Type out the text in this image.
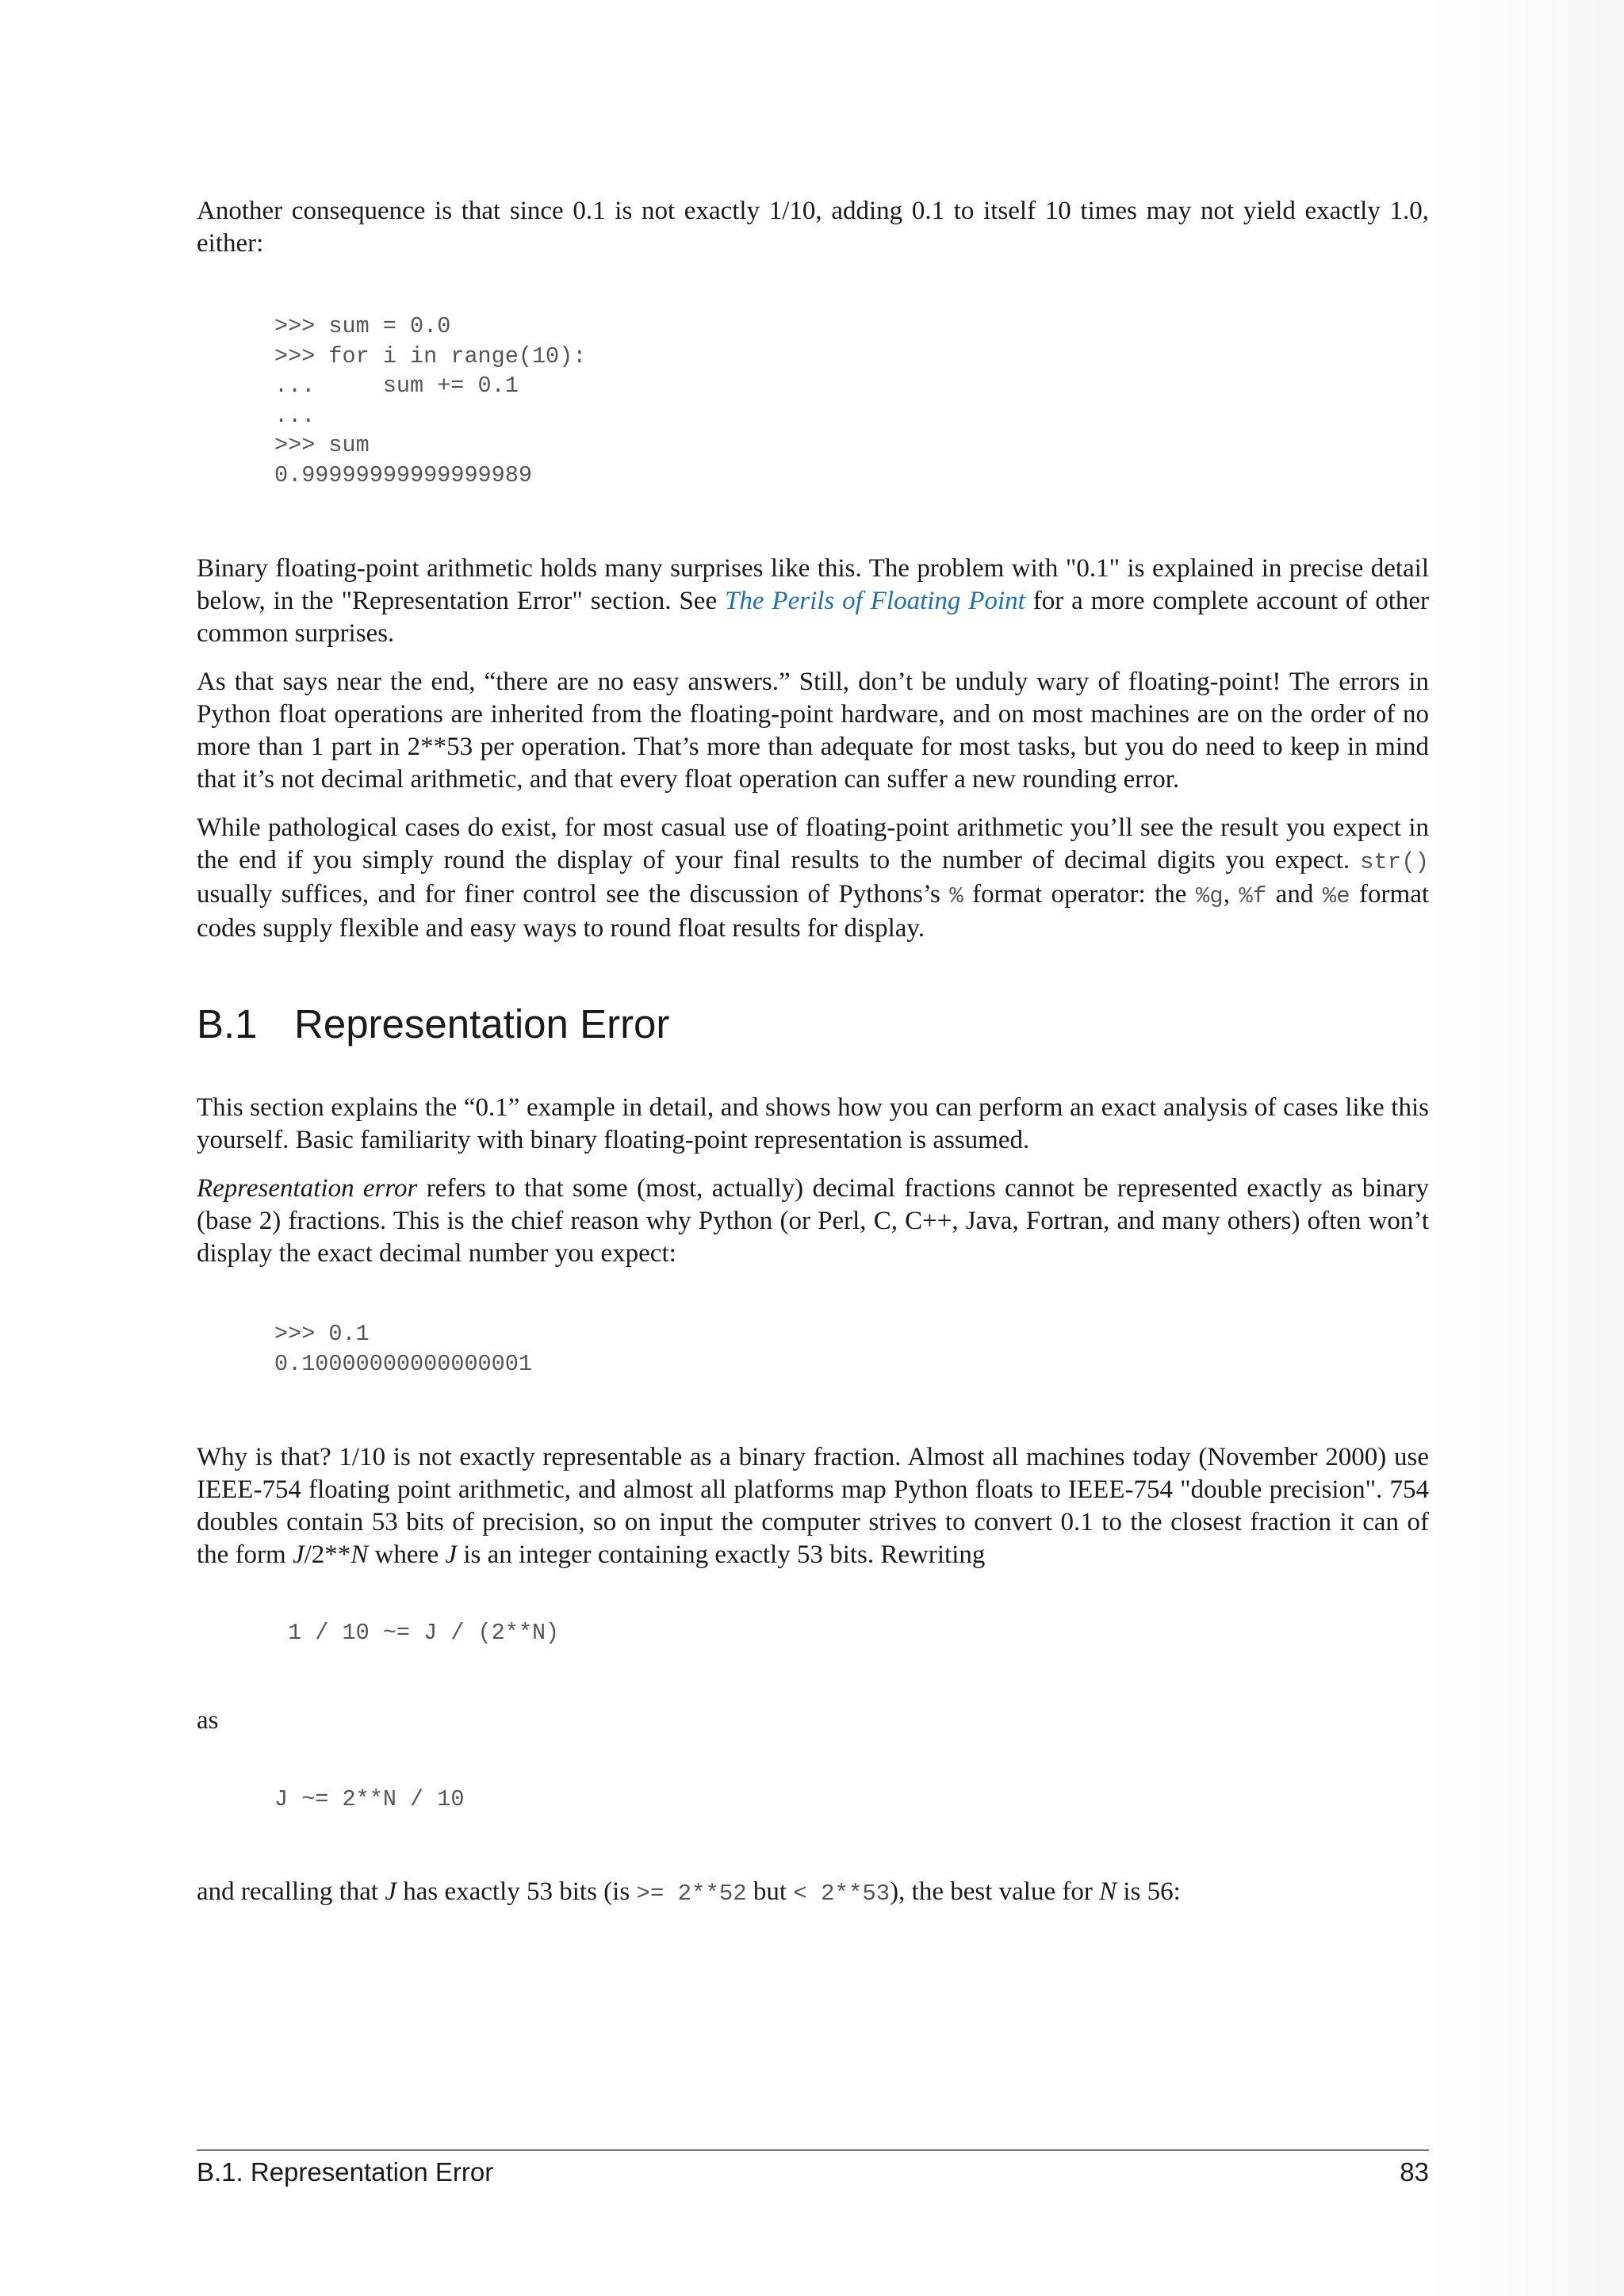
Another consequence is that since 0.1 is not exactly 1/10, adding 0.1 to itself 10 times may not yield exactly 1.0, either:

>>> sum = 0.0
>>> for i in range(10):
...     sum += 0.1
...
>>> sum
0.99999999999999989

Binary floating-point arithmetic holds many surprises like this. The problem with "0.1" is explained in precise detail below, in the "Representation Error" section. See The Perils of Floating Point for a more complete account of other common surprises.

As that says near the end, “there are no easy answers.” Still, don’t be unduly wary of floating-point! The errors in Python float operations are inherited from the floating-point hardware, and on most machines are on the order of no more than 1 part in 2**53 per operation. That’s more than adequate for most tasks, but you do need to keep in mind that it’s not decimal arithmetic, and that every float operation can suffer a new rounding error.

While pathological cases do exist, for most casual use of floating-point arithmetic you’ll see the result you expect in the end if you simply round the display of your final results to the number of decimal digits you expect. str() usually suffices, and for finer control see the discussion of Pythons’s % format operator: the %g, %f and %e format codes supply flexible and easy ways to round float results for display.

B.1 Representation Error

This section explains the “0.1” example in detail, and shows how you can perform an exact analysis of cases like this yourself. Basic familiarity with binary floating-point representation is assumed.

Representation error refers to that some (most, actually) decimal fractions cannot be represented exactly as binary (base 2) fractions. This is the chief reason why Python (or Perl, C, C++, Java, Fortran, and many others) often won’t display the exact decimal number you expect:

>>> 0.1
0.10000000000000001

Why is that? 1/10 is not exactly representable as a binary fraction. Almost all machines today (November 2000) use IEEE-754 floating point arithmetic, and almost all platforms map Python floats to IEEE-754 "double precision". 754 doubles contain 53 bits of precision, so on input the computer strives to convert 0.1 to the closest fraction it can of the form J/2**N where J is an integer containing exactly 53 bits. Rewriting

1 / 10 ~= J / (2**N)

as

J ~= 2**N / 10

and recalling that J has exactly 53 bits (is >= 2**52 but < 2**53), the best value for N is 56:

B.1. Representation Error	83
